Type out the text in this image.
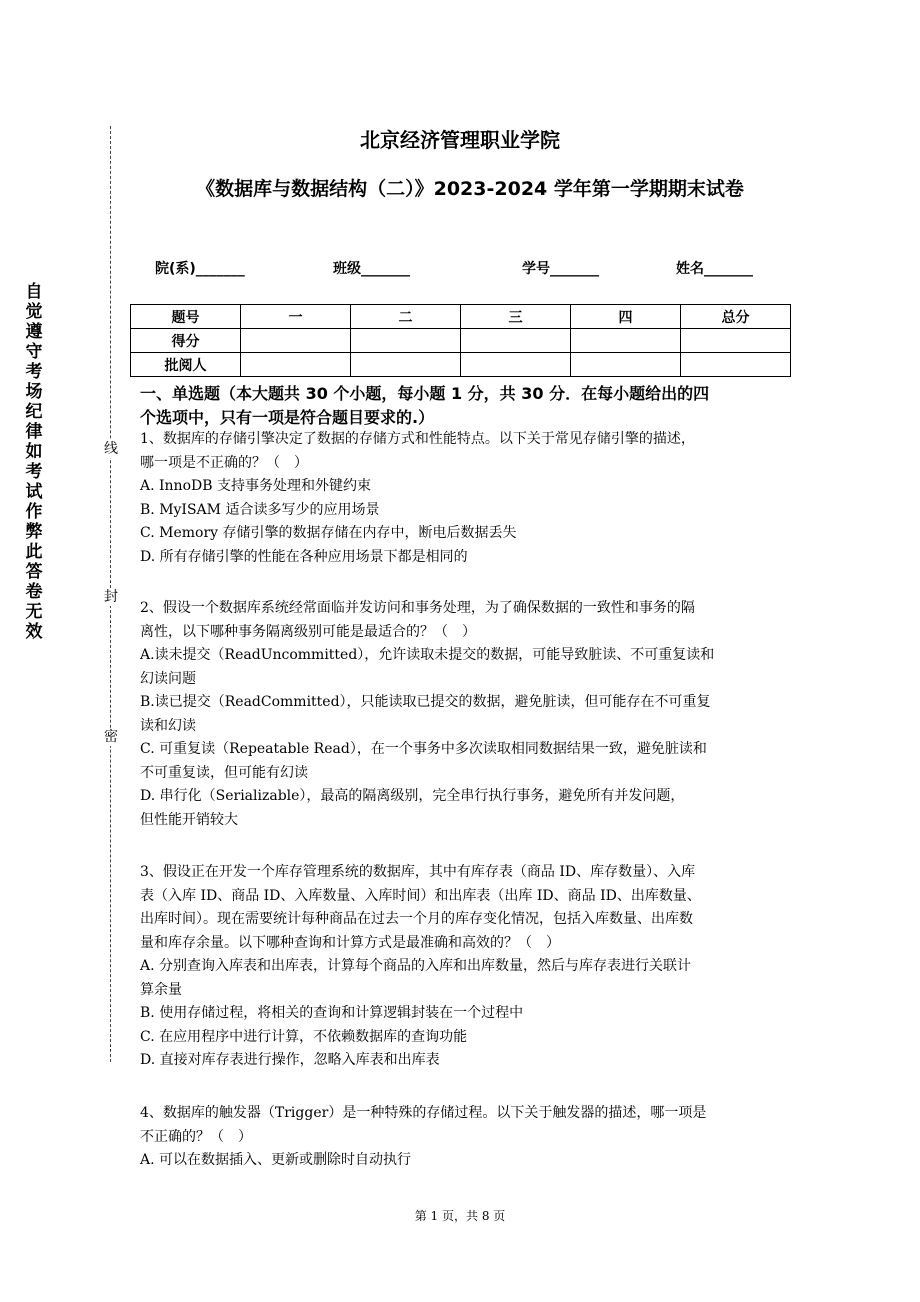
自
觉
遵
守
考
场
纪
律
如
考
试
作
弊
此
答
卷
无
效
线
封
密
北京经济管理职业学院
《数据库与数据结构（二）》2023-2024 学年第一学期期末试卷
院(系)_______	班级_______	学号_______	姓名_______
题号	一	二	三	四	总分
得分					
批阅人					
一、单选题（本大题共 30 个小题，每小题 1 分，共 30 分．在每小题给出的四
个选项中，只有一项是符合题目要求的.）

1、数据库的存储引擎决定了数据的存储方式和性能特点。以下关于常见存储引擎的描述，

哪一项是不正确的？（　）

A. InnoDB 支持事务处理和外键约束

B. MyISAM 适合读多写少的应用场景

C. Memory 存储引擎的数据存储在内存中，断电后数据丢失

D. 所有存储引擎的性能在各种应用场景下都是相同的

2、假设一个数据库系统经常面临并发访问和事务处理，为了确保数据的一致性和事务的隔

离性，以下哪种事务隔离级别可能是最适合的？（　）

A.读未提交（ReadUncommitted），允许读取未提交的数据，可能导致脏读、不可重复读和

幻读问题

B.读已提交（ReadCommitted），只能读取已提交的数据，避免脏读，但可能存在不可重复

读和幻读

C. 可重复读（Repeatable Read），在一个事务中多次读取相同数据结果一致，避免脏读和

不可重复读，但可能有幻读

D. 串行化（Serializable），最高的隔离级别，完全串行执行事务，避免所有并发问题，

但性能开销较大

3、假设正在开发一个库存管理系统的数据库，其中有库存表（商品 ID、库存数量）、入库

表（入库 ID、商品 ID、入库数量、入库时间）和出库表（出库 ID、商品 ID、出库数量、

出库时间）。现在需要统计每种商品在过去一个月的库存变化情况，包括入库数量、出库数

量和库存余量。以下哪种查询和计算方式是最准确和高效的？（　）

A. 分别查询入库表和出库表，计算每个商品的入库和出库数量，然后与库存表进行关联计

算余量

B. 使用存储过程，将相关的查询和计算逻辑封装在一个过程中

C. 在应用程序中进行计算，不依赖数据库的查询功能

D. 直接对库存表进行操作，忽略入库表和出库表

4、数据库的触发器（Trigger）是一种特殊的存储过程。以下关于触发器的描述，哪一项是

不正确的？（　）

A. 可以在数据插入、更新或删除时自动执行

第 1 页，共 8 页
